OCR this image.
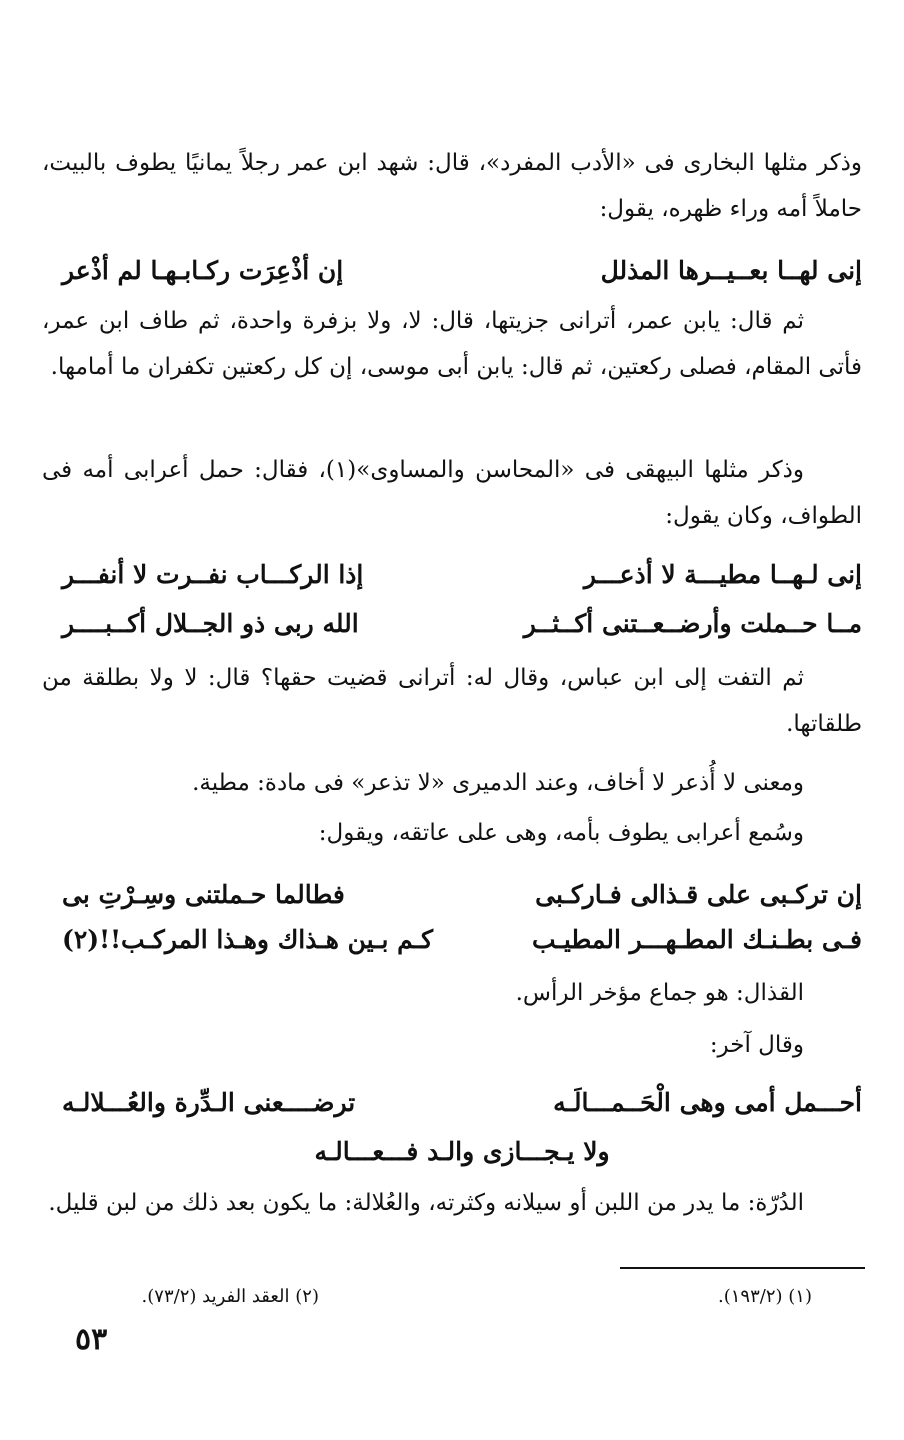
وذكر مثلها البخارى فى «الأدب المفرد»، قال: شهد ابن عمر رجلاً يمانيًا يطوف بالبيت، حاملاً أمه وراء ظهره، يقول:
إنى لهــا بعــيــرها المذلل
إن أذْعِرَت ركـابـهـا لم أذْعر
ثم قال: يابن عمر، أترانى جزيتها، قال: لا، ولا بزفرة واحدة، ثم طاف ابن عمر، فأتى المقام، فصلى ركعتين، ثم قال: يابن أبى موسى، إن كل ركعتين تكفران ما أمامها.
وذكر مثلها البيهقى فى «المحاسن والمساوى»(١)، فقال: حمل أعرابى أمه فى الطواف، وكان يقول:
إنى لـهــا مطيـــة لا أذعـــر
إذا الركـــاب نفــرت لا أنفـــر
مــا حــملت وأرضــعــتنى أكــثــر
الله ربى ذو الجــلال أكــبــــر
ثم التفت إلى ابن عباس، وقال له: أترانى قضيت حقها؟ قال: لا ولا بطلقة من طلقاتها.
ومعنى لا أُذعر لا أخاف، وعند الدميرى «لا تذعر» فى مادة: مطية.
وسُمع أعرابى يطوف بأمه، وهى على عاتقه، ويقول:
إن تركـبى على قـذالى فـاركـبى
فطالما حـملتنى وسِـرْتِ بى
فـى بطـنـك المطـهـــر المطيـب
كـم بـين هـذاك وهـذا المركـب!!(٢)
القذال: هو جماع مؤخر الرأس.
وقال آخر:
أحـــمل أمى وهى الْحَــمـــالَـه
ترضــــعنى الـدِّرة والعُـــلالـه
ولا يـجـــازى والـد فـــعـــالـه
الدُرّة: ما يدر من اللبن أو سيلانه وكثرته، والعُلالة: ما يكون بعد ذلك من لبن قليل.
(١) (١٩٣/٢).
(٢) العقد الفريد (٧٣/٢).
٥٣
